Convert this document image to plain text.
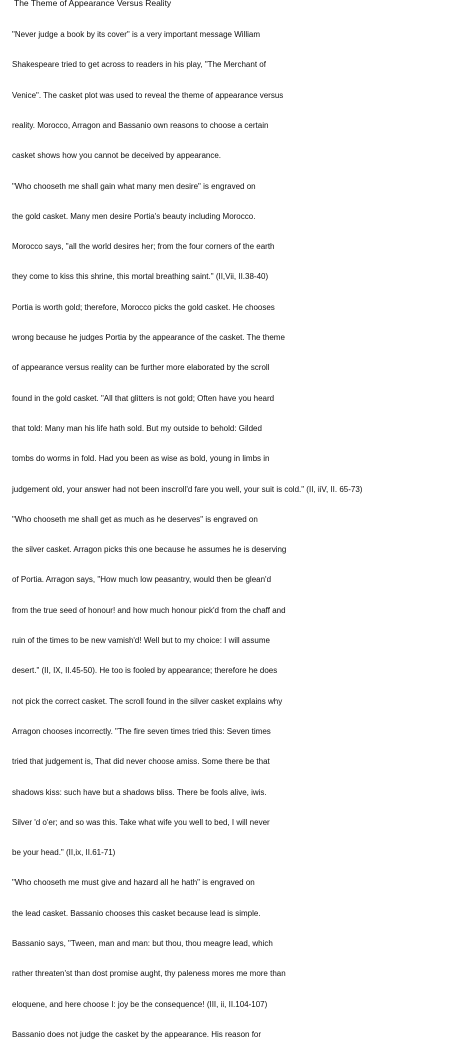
The Theme of Appearance Versus Reality
"Never judge a book by its cover" is a very important message William
Shakespeare tried to get across to readers in his play, "The Merchant of
Venice". The casket plot was used to reveal the theme of appearance versus
reality. Morocco, Arragon and Bassanio own reasons to choose a certain
casket shows how you cannot be deceived by appearance.
"Who chooseth me shall gain what many men desire" is engraved on
the gold casket. Many men desire Portia's beauty including Morocco.
Morocco says, "all the world desires her; from the four corners of the earth
they come to kiss this shrine, this mortal breathing saint." (II,Vii, II.38-40)
Portia is worth gold; therefore, Morocco picks the gold casket. He chooses
wrong because he judges Portia by the appearance of the casket. The theme
of appearance versus reality can be further more elaborated by the scroll
found in the gold casket. "All that glitters is not gold; Often have you heard
that told: Many man his life hath sold. But my outside to behold: Gilded
tombs do worms in fold. Had you been as wise as bold, young in limbs in
judgement old, your answer had not been inscroll'd fare you well, your suit is cold." (II, iiV, II. 65-73)
"Who chooseth me shall get as much as he deserves" is engraved on
the silver casket. Arragon picks this one because he assumes he is deserving
of Portia. Arragon says, "How much low peasantry, would then be glean'd
from the true seed of honour! and how much honour pick'd from the chaff and
ruin of the times to be new vamish'd! Well but to my choice: I will assume
desert." (II, IX, II.45-50). He too is fooled by appearance; therefore he does
not pick the correct casket. The scroll found in the silver casket explains why
Arragon chooses incorrectly. "The fire seven times tried this: Seven times
tried that judgement is, That did never choose amiss. Some there be that
shadows kiss: such have but a shadows bliss. There be fools alive, iwis.
Silver 'd o'er; and so was this. Take what wife you well to bed, I will never
be your head." (II,ix, II.61-71)
"Who chooseth me must give and hazard all he hath" is engraved on
the lead casket. Bassanio chooses this casket because lead is simple.
Bassanio says, "Tween, man and man: but thou, thou meagre lead, which
rather threaten'st than dost promise aught, thy paleness mores me more than
eloquene, and here choose I: joy be the consequence! (III, ii, II.104-107)
Bassanio does not judge the casket by the appearance. His reason for
